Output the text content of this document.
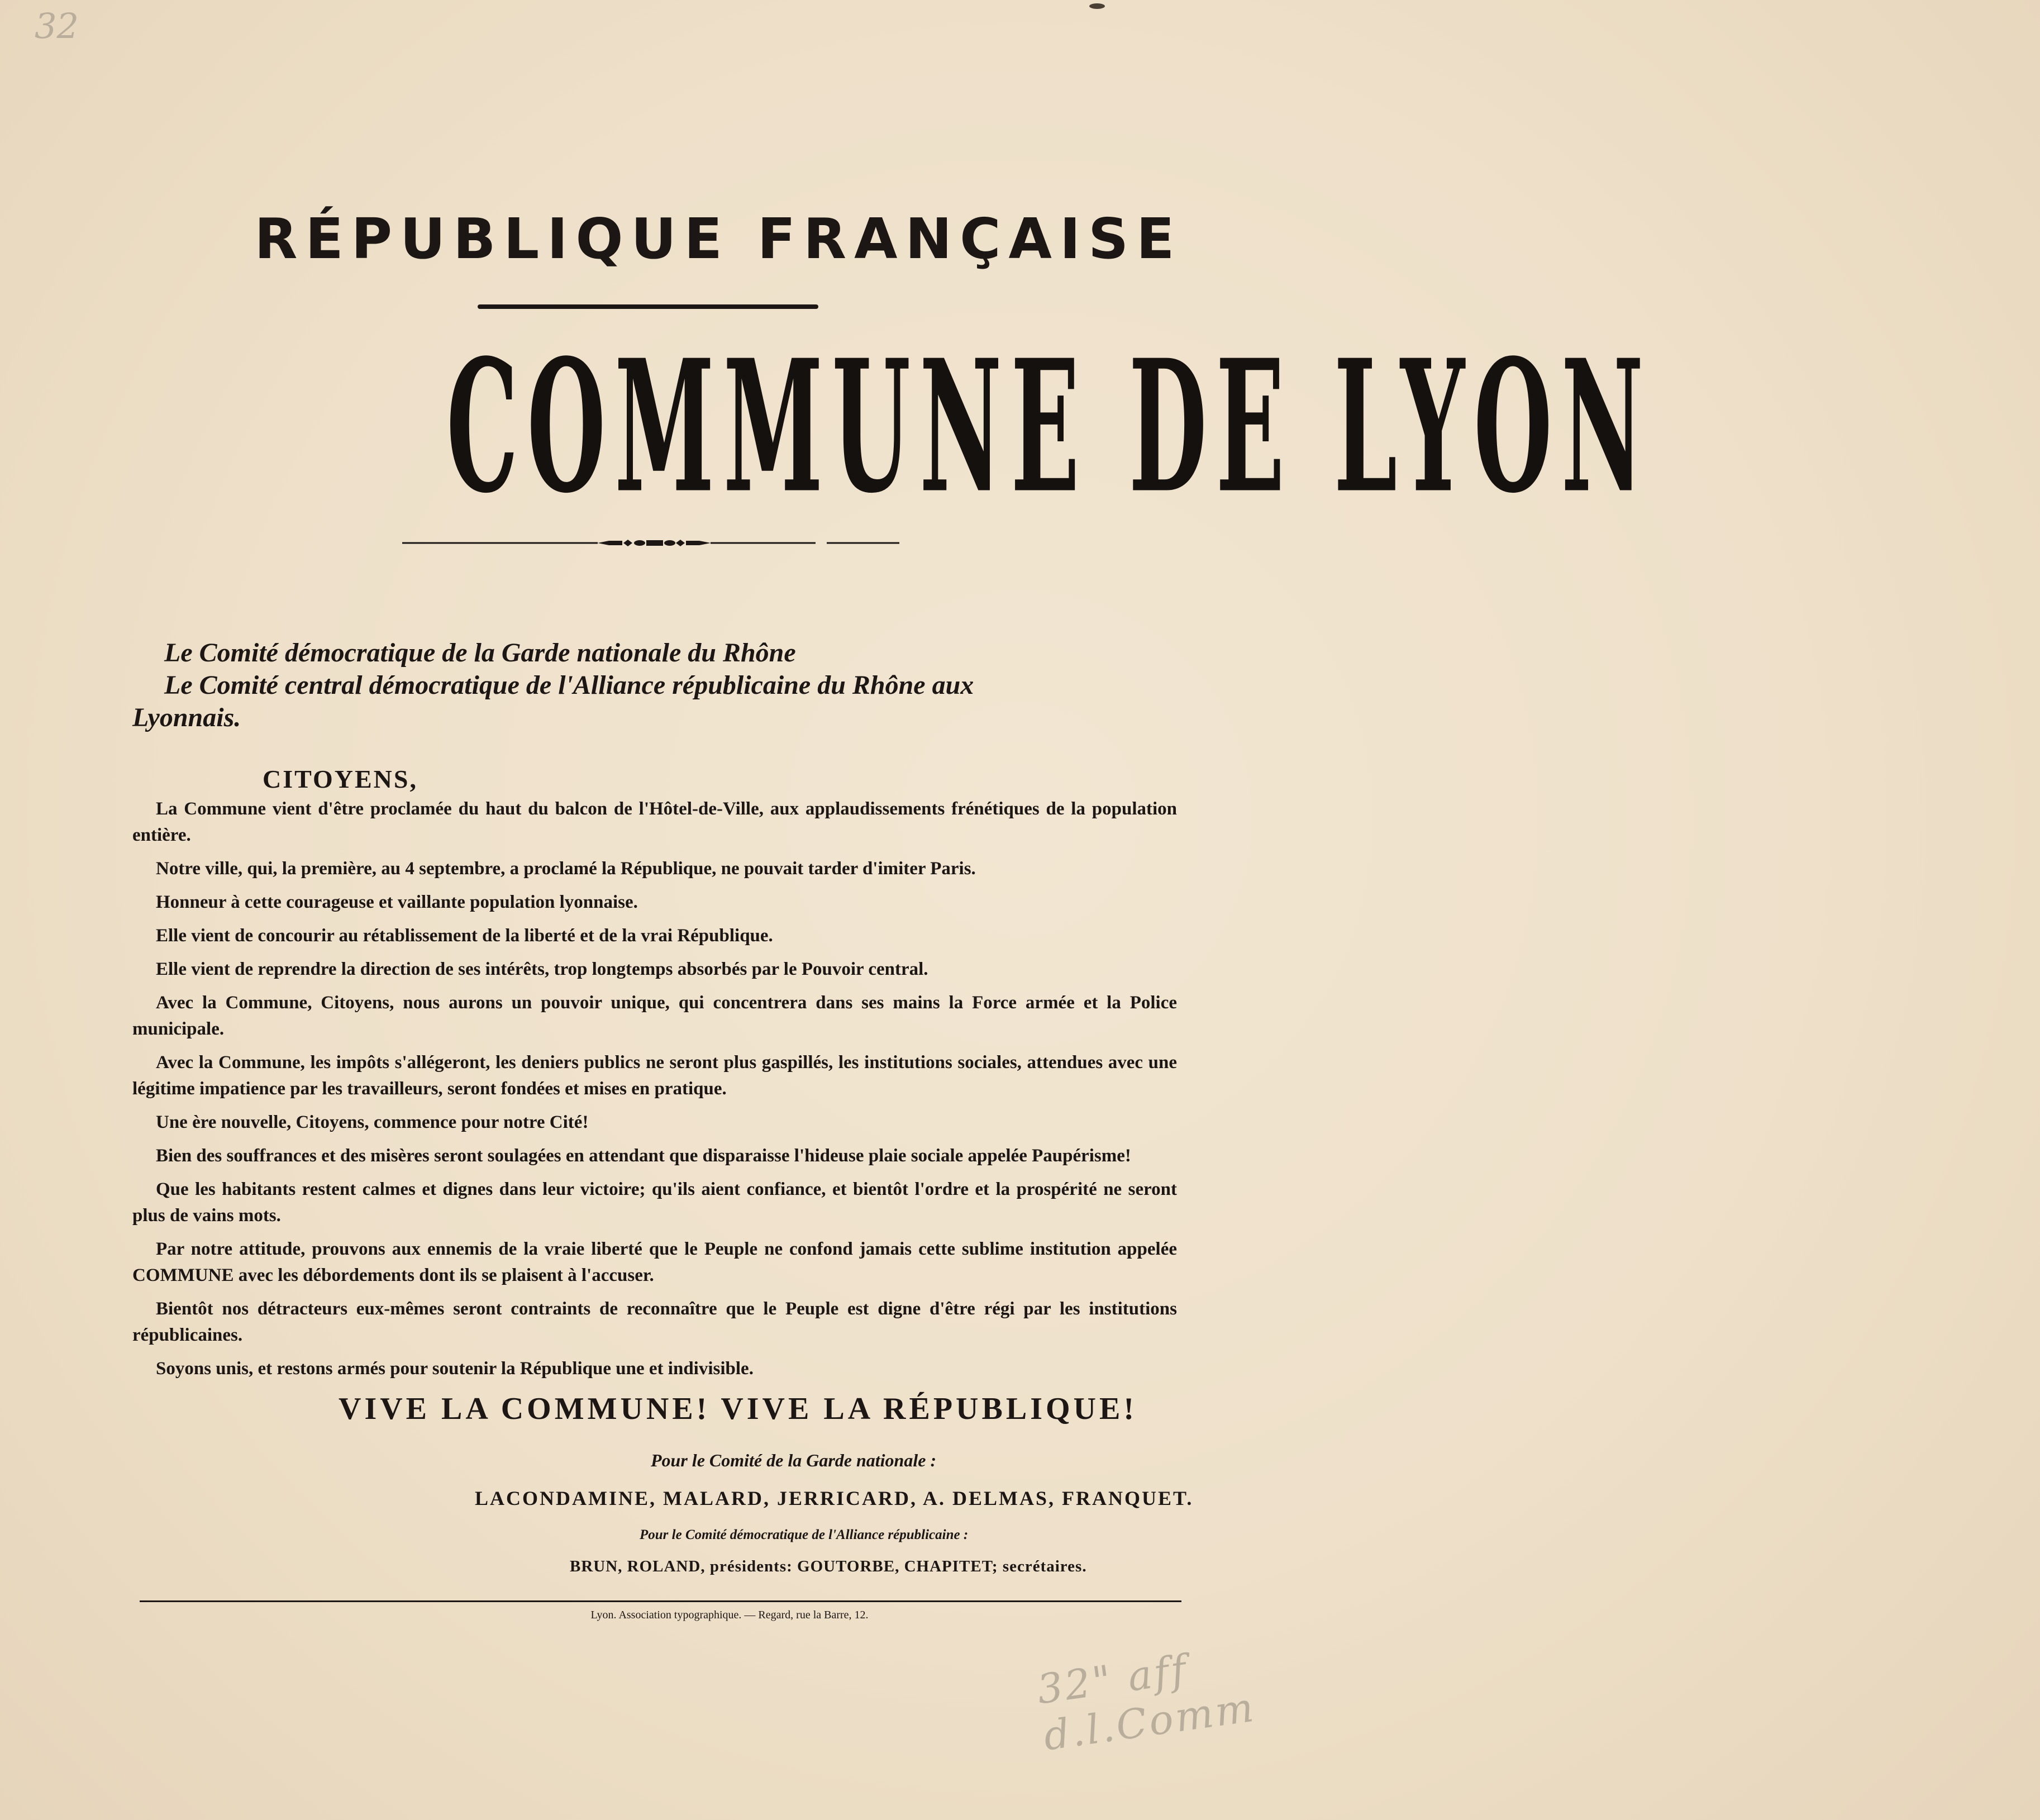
32
RÉPUBLIQUE FRANÇAISE
COMMUNE DE LYON
Le Comité démocratique de la Garde nationale du Rhône
Le Comité central démocratique de l'Alliance républicaine du Rhône aux
Lyonnais.
CITOYENS,

La Commune vient d'être proclamée du haut du balcon de l'Hôtel-de-Ville, aux applaudissements frénétiques de la population entière.

Notre ville, qui, la première, au 4 septembre, a proclamé la République, ne pouvait tarder d'imiter Paris.

Honneur à cette courageuse et vaillante population lyonnaise.

Elle vient de concourir au rétablissement de la liberté et de la vrai République.

Elle vient de reprendre la direction de ses intérêts, trop longtemps absorbés par le Pouvoir central.

Avec la Commune, Citoyens, nous aurons un pouvoir unique, qui concentrera dans ses mains la Force armée et la Police municipale.

Avec la Commune, les impôts s'allégeront, les deniers publics ne seront plus gaspillés, les institutions sociales, attendues avec une légitime impatience par les travailleurs, seront fondées et mises en pratique.

Une ère nouvelle, Citoyens, commence pour notre Cité!

Bien des souffrances et des misères seront soulagées en attendant que disparaisse l'hideuse plaie sociale appelée Paupérisme!

Que les habitants restent calmes et dignes dans leur victoire; qu'ils aient confiance, et bientôt l'ordre et la prospérité ne seront plus de vains mots.

Par notre attitude, prouvons aux ennemis de la vraie liberté que le Peuple ne confond jamais cette sublime institution appelée COMMUNE avec les débordements dont ils se plaisent à l'accuser.

Bientôt nos détracteurs eux-mêmes seront contraints de reconnaître que le Peuple est digne d'être régi par les institutions républicaines.

Soyons unis, et restons armés pour soutenir la République une et indivisible.

VIVE LA COMMUNE! VIVE LA RÉPUBLIQUE!
Pour le Comité de la Garde nationale :
LACONDAMINE, MALARD, JERRICARD, A. DELMAS, FRANQUET.
Pour le Comité démocratique de l'Alliance républicaine :
BRUN, ROLAND, présidents: GOUTORBE, CHAPITET; secrétaires.
Lyon. Association typographique. — Regard, rue la Barre, 12.
32" aff d.l.Comm
